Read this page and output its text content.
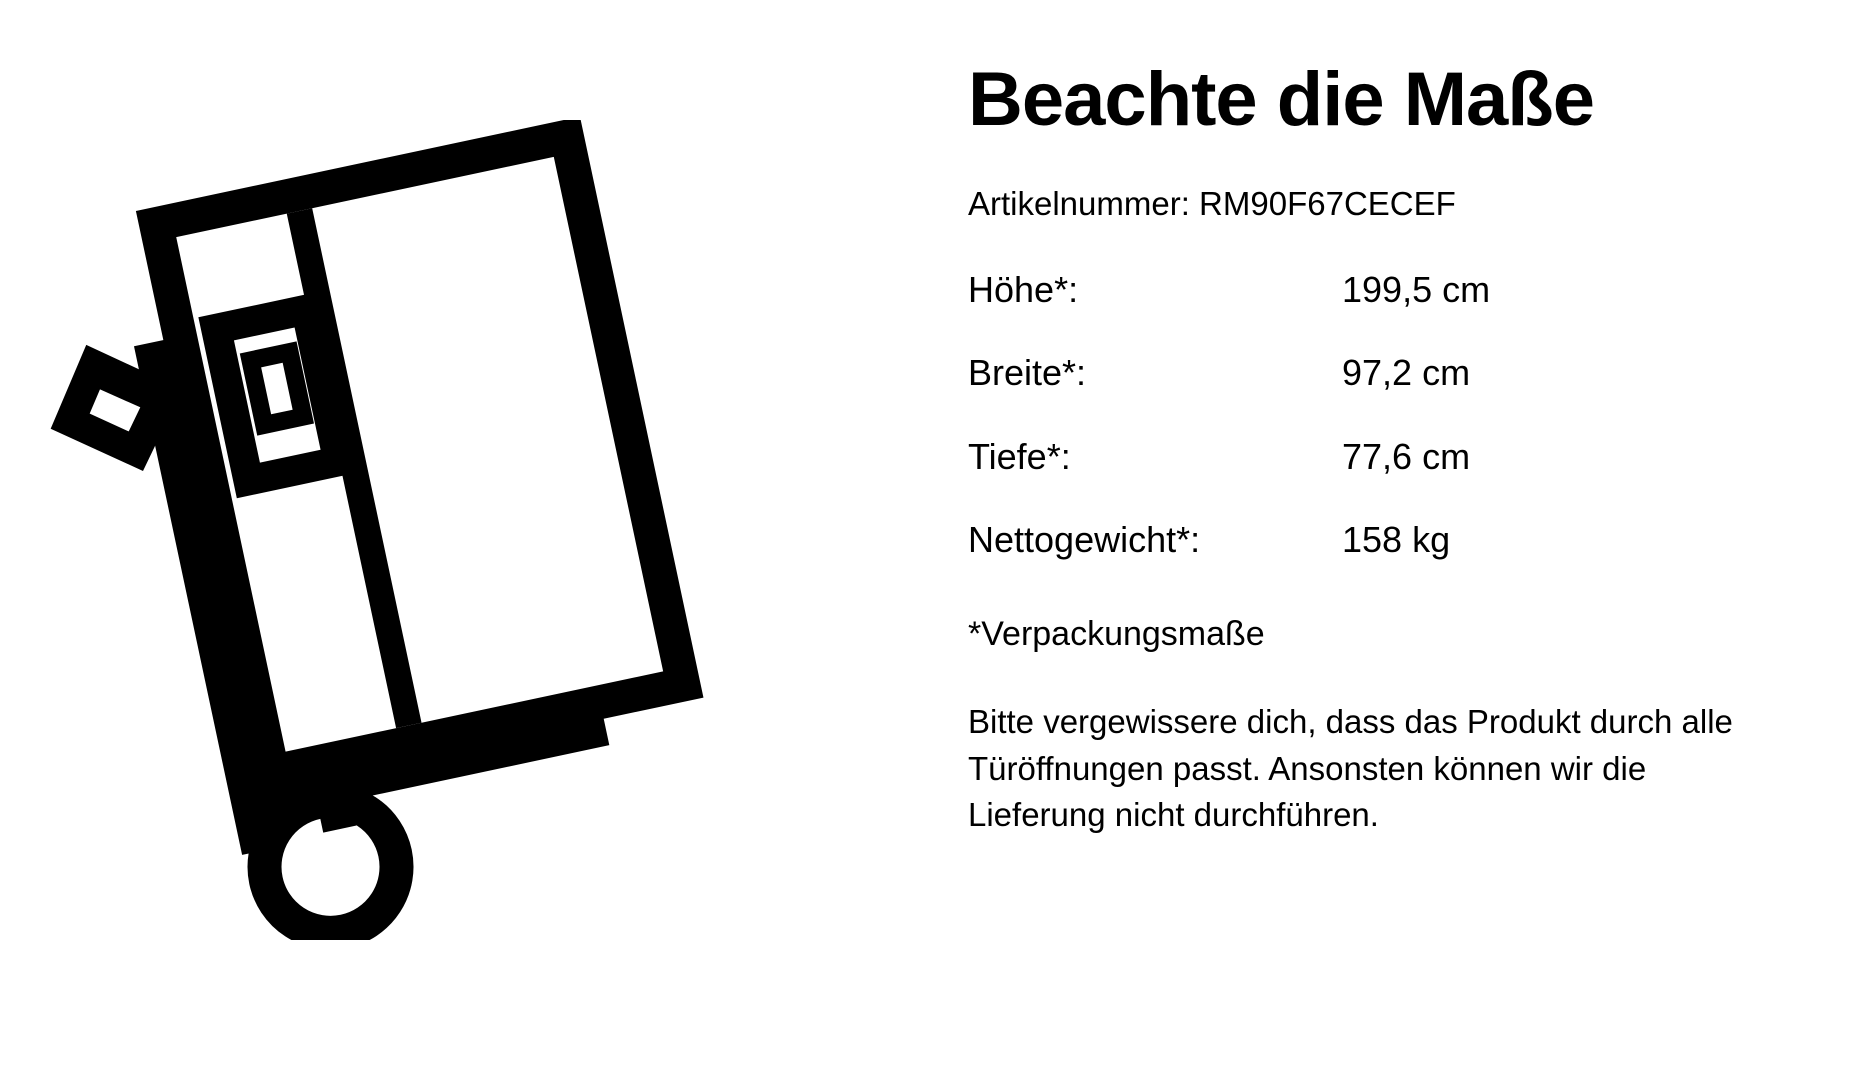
Beachte die Maße

Artikelnummer: RM90F67CECEF

Höhe*:	199,5 cm
Breite*:	97,2 cm
Tiefe*:	77,6 cm
Nettogewicht*:	158 kg

*Verpackungsmaße

Bitte vergewissere dich, dass das Produkt durch alle Türöffnungen passt. Ansonsten können wir die Lieferung nicht durchführen.
